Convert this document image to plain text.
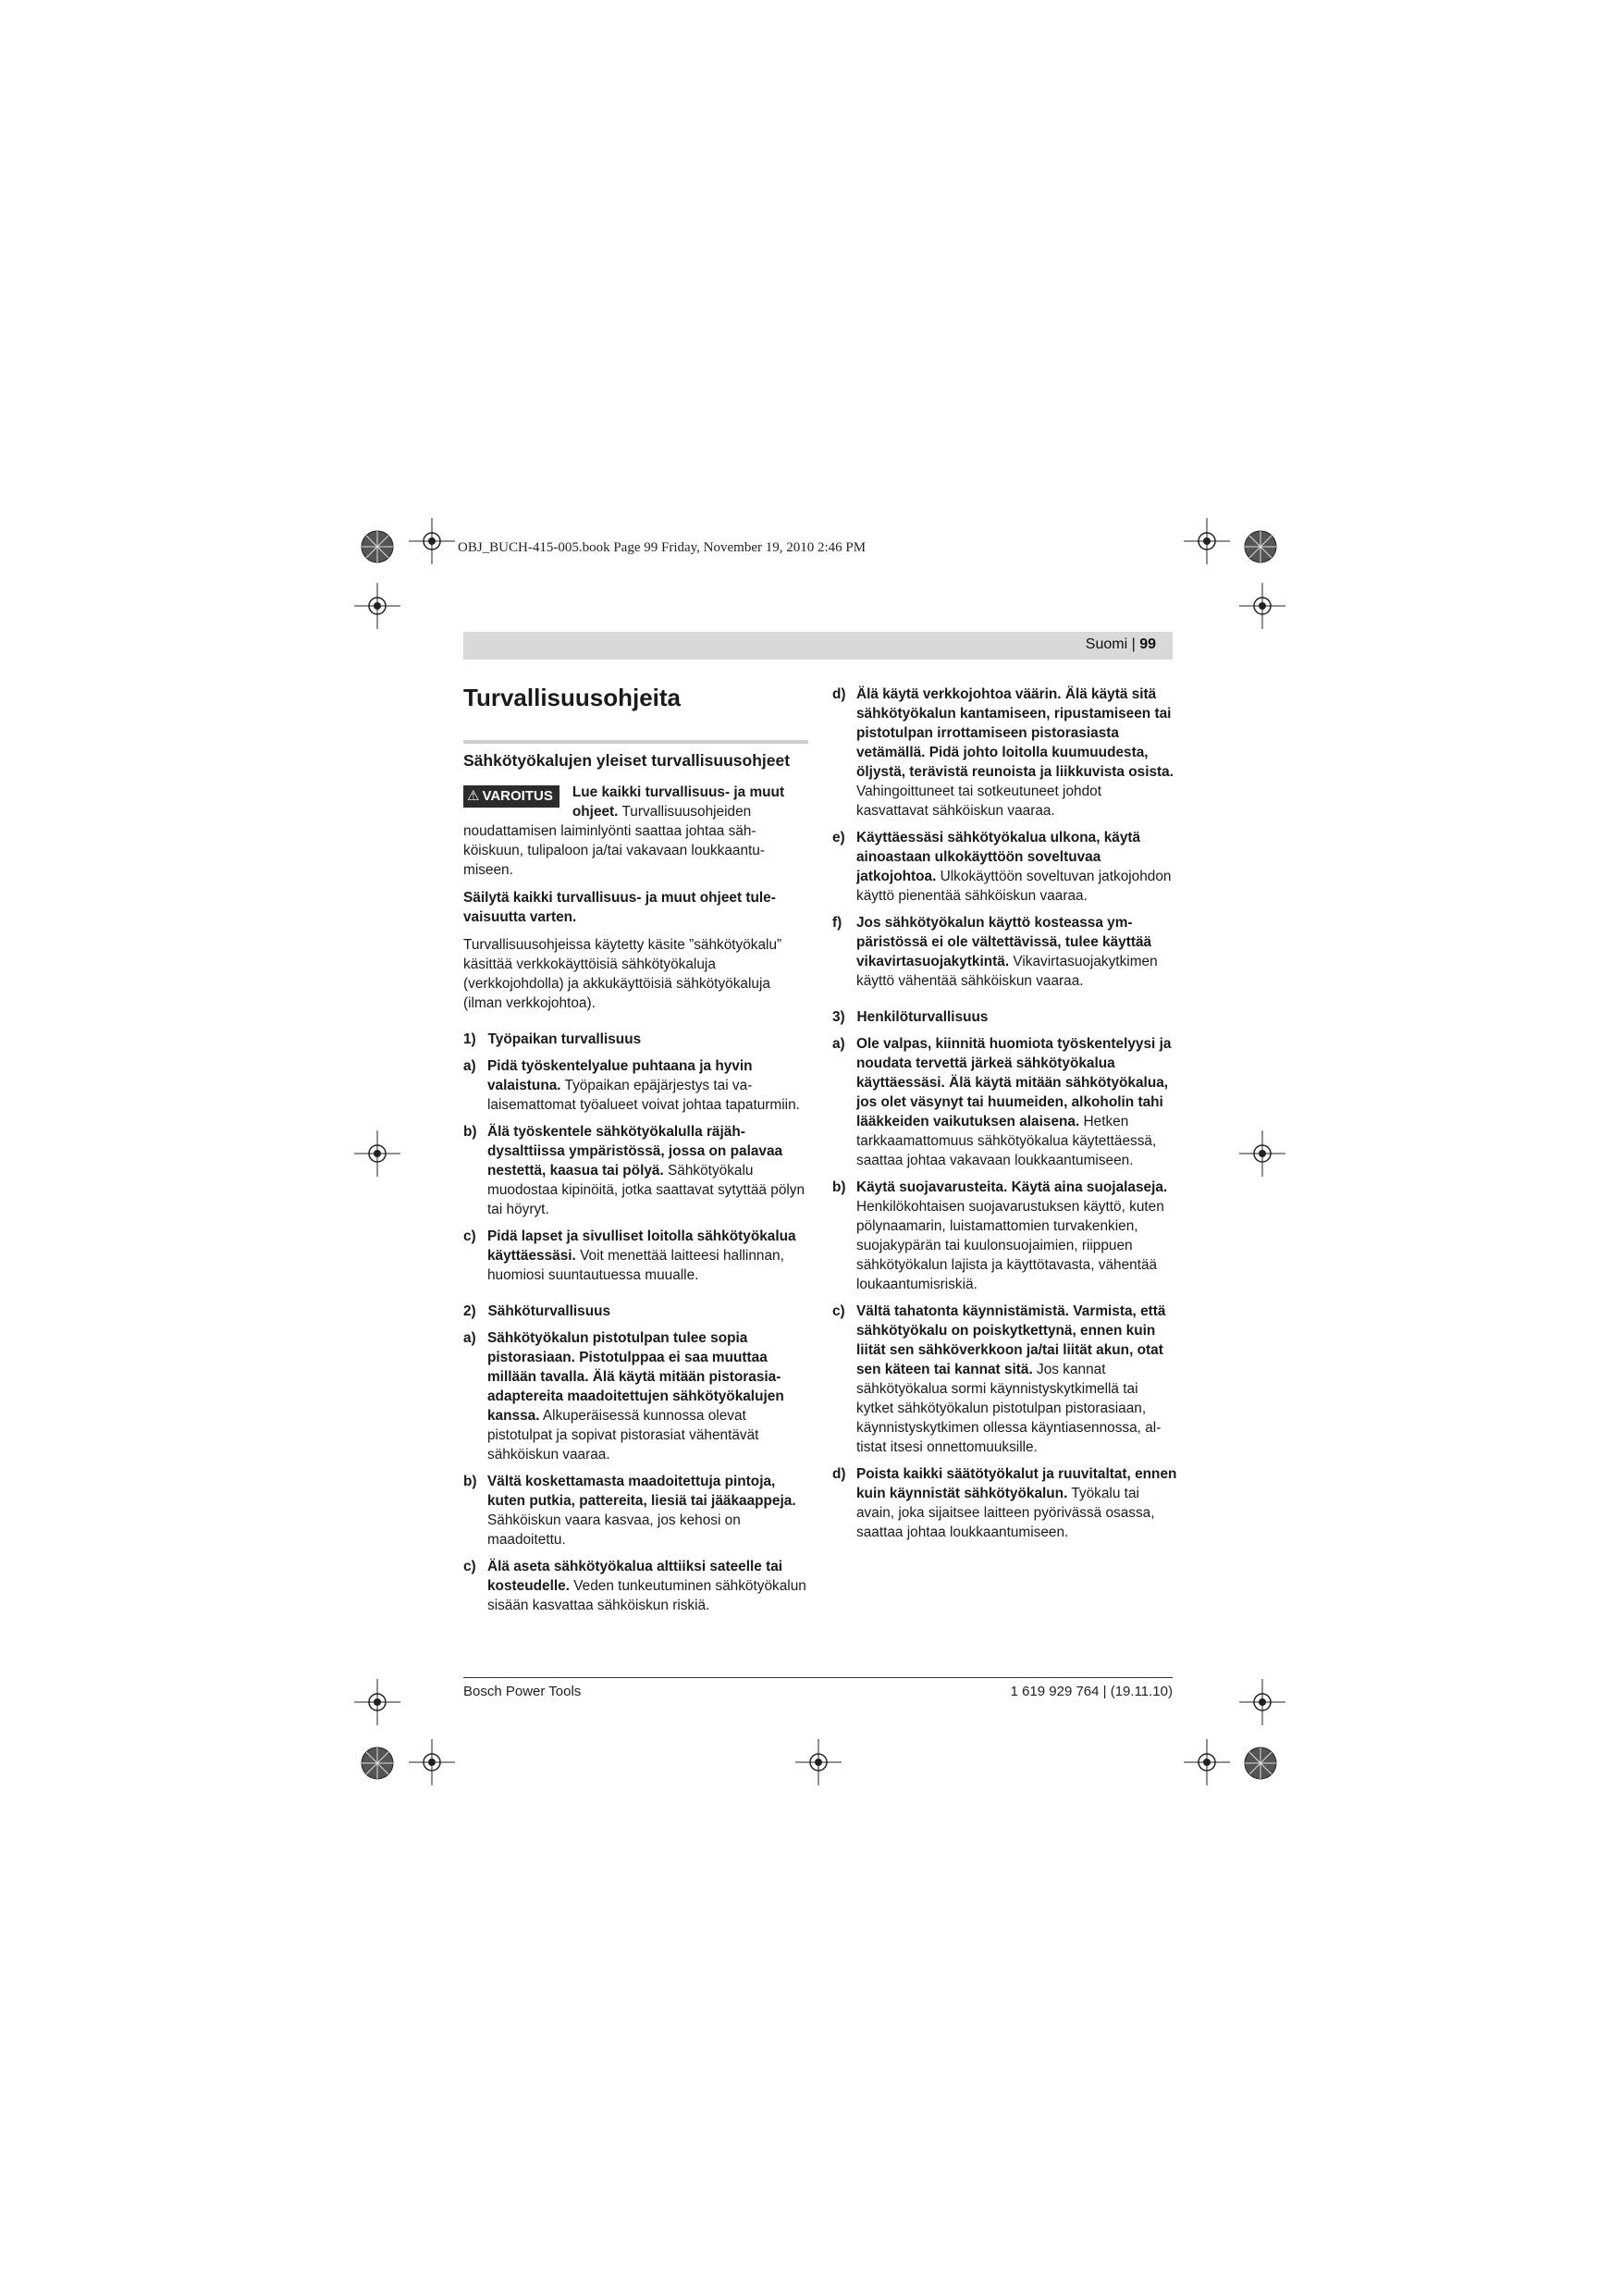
OBJ_BUCH-415-005.book Page 99 Friday, November 19, 2010 2:46 PM
Suomi | 99
Turvallisuusohjeita
Sähkötyökalujen yleiset turvallisuusohjeet

⚠ VAROITUS	Lue kaikki turvallisuus- ja muut ohjeet. Turvallisuusohjeiden noudattamisen laiminlyönti saattaa johtaa sähköiskuun, tulipaloon ja/tai vakavaan loukkaantumiseen.

Säilytä kaikki turvallisuus- ja muut ohjeet tulevaisuutta varten.

Turvallisuusohjeissa käytetty käsite ”sähkötyökalu” käsittää verkkokäyttöisiä sähkötyökaluja (verkkojohdolla) ja akkukäyttöisiä sähkötyökaluja (ilman verkkojohtoa).

1) Työpaikan turvallisuus
a) Pidä työskentelyalue puhtaana ja hyvin valaistuna. Työpaikan epäjärjestys tai valaisemattomat työalueet voivat johtaa tapaturmiin.
b) Älä työskentele sähkötyökalulla räjähdysalttiissa ympäristössä, jossa on palavaa nestettä, kaasua tai pölyä. Sähkötyökalu muodostaa kipinöitä, jotka saattavat sytyttää pölyn tai höyryt.
c) Pidä lapset ja sivulliset loitolla sähkötyökalua käyttäessäsi. Voit menettää laitteesi hallinnan, huomiosi suuntautuessa muualle.
2) Sähköturvallisuus
a) Sähkötyökalun pistotulpan tulee sopia pistorasiaan. Pistotulppaa ei saa muuttaa millään tavalla. Älä käytä mitään pistorasia-adaptereita maadoitettujen sähkötyökalujen kanssa. Alkuperäisessä kunnossa olevat pistotulpat ja sopivat pistorasiat vähentävät sähköiskun vaaraa.
b) Vältä koskettamasta maadoitettuja pintoja, kuten putkia, pattereita, liesiä tai jääkaappeja. Sähköiskun vaara kasvaa, jos kehosi on maadoitettu.
c) Älä aseta sähkötyökalua alttiiksi sateelle tai kosteudelle. Veden tunkeutuminen sähkötyökalun sisään kasvattaa sähköiskun riskiä.
d) Älä käytä verkkojohtoa väärin. Älä käytä sitä sähkötyökalun kantamiseen, ripustamiseen tai pistotulpan irrottamiseen pistorasiasta vetämällä. Pidä johto loitolla kuumuudesta, öljystä, terävistä reunoista ja liikkuvista osista. Vahingoittuneet tai sotkeutuneet johdot kasvattavat sähköiskun vaaraa.
e) Käyttäessäsi sähkötyökalua ulkona, käytä ainoastaan ulkokäyttöön soveltuvaa jatkojohtoa. Ulkokäyttöön soveltuvan jatkojohdon käyttö pienentää sähköiskun vaaraa.
f) Jos sähkötyökalun käyttö kosteassa ympäristössä ei ole vältettävissä, tulee käyttää vikavirtasuojakytkintä. Vikavirtasuojakytkimen käyttö vähentää sähköiskun vaaraa.
3) Henkilöturvallisuus
a) Ole valpas, kiinnitä huomiota työskentelyysi ja noudata tervettä järkeä sähkötyökalua käyttäessäsi. Älä käytä mitään sähkötyökalua, jos olet väsynyt tai huumeiden, alkoholin tahi lääkkeiden vaikutuksen alaisena. Hetken tarkkaamattomuus sähkötyökalua käytettäessä, saattaa johtaa vakavaan loukkaantumiseen.
b) Käytä suojavarusteita. Käytä aina suojalaseja. Henkilökohtaisen suojavarustuksen käyttö, kuten pölynaamarin, luistamattomien turvakenkien, suojakypärän tai kuulonsuojaimien, riippuen sähkötyökalun lajista ja käyttötavasta, vähentää loukaantumisriskiä.
c) Vältä tahatonta käynnistämistä. Varmista, että sähkötyökalu on poiskytkettynä, ennen kuin liität sen sähköverkkoon ja/tai liität akun, otat sen käteen tai kannat sitä. Jos kannat sähkötyökalua sormi käynnistyskytkimellä tai kytket sähkötyökalun pistotulpan pistorasiaan, käynnistyskytkimen ollessa käyntiasennossa, altistat itsesi onnettomuuksille.
d) Poista kaikki säätötyökalut ja ruuvitaltat, ennen kuin käynnistät sähkötyökalun. Työkalu tai avain, joka sijaitsee laitteen pyörivässä osassa, saattaa johtaa loukkaantumiseen.
Bosch Power Tools	1 619 929 764 | (19.11.10)
